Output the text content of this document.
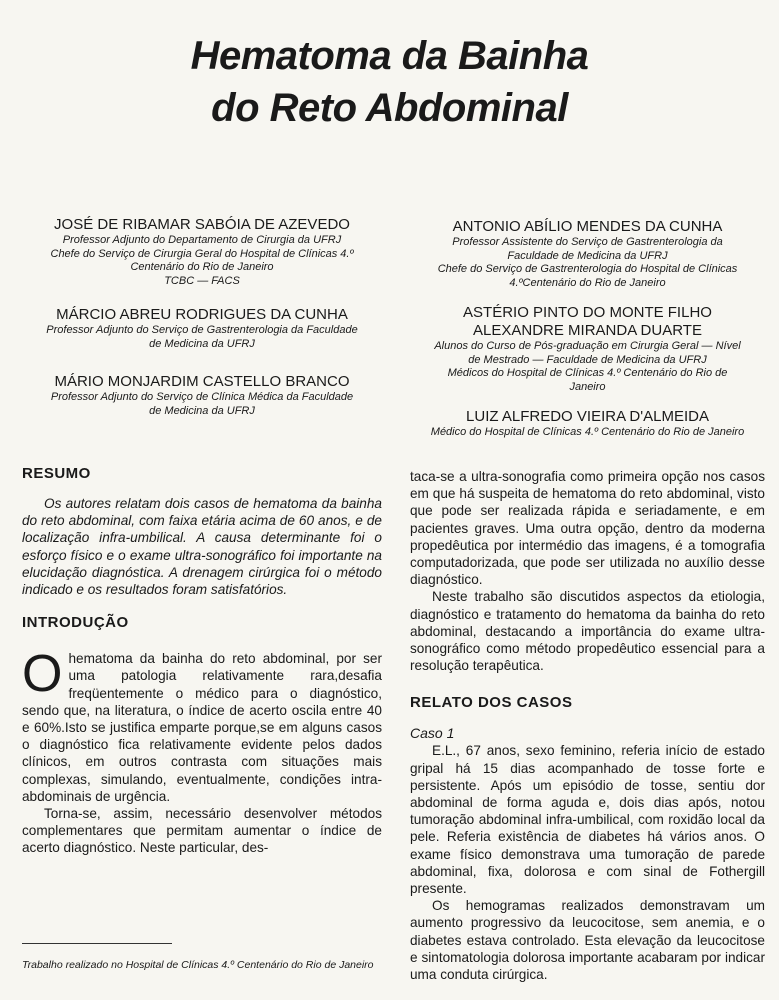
Hematoma da Bainha
do Reto Abdominal

JOSÉ DE RIBAMAR SABÓIA DE AZEVEDO

Professor Adjunto do Departamento de Cirurgia da UFRJ

Chefe do Serviço de Cirurgia Geral do Hospital de Clínicas 4.º

Centenário do Rio de Janeiro

TCBC — FACS

MÁRCIO ABREU RODRIGUES DA CUNHA

Professor Adjunto do Serviço de Gastrenterologia da Faculdade

de Medicina da UFRJ

MÁRIO MONJARDIM CASTELLO BRANCO

Professor Adjunto do Serviço de Clínica Médica da Faculdade

de Medicina da UFRJ

ANTONIO ABÍLIO MENDES DA CUNHA

Professor Assistente do Serviço de Gastrenterologia da

Faculdade de Medicina da UFRJ

Chefe do Serviço de Gastrenterologia do Hospital de Clínicas

4.ºCentenário do Rio de Janeiro

ASTÉRIO PINTO DO MONTE FILHO
ALEXANDRE MIRANDA DUARTE

Alunos do Curso de Pós-graduação em Cirurgia Geral — Nível

de Mestrado — Faculdade de Medicina da UFRJ

Médicos do Hospital de Clínicas 4.º Centenário do Rio de

Janeiro

LUIZ ALFREDO VIEIRA D'ALMEIDA

Médico do Hospital de Clínicas 4.º Centenário do Rio de Janeiro

RESUMO

Os autores relatam dois casos de hematoma da bainha do reto abdominal, com faixa etária acima de 60 anos, e de localização infra-umbilical. A causa determinante foi o esforço físico e o exame ultra-sonográfico foi importante na elucidação diagnóstica. A drenagem cirúrgica foi o método indicado e os resultados foram satisfatórios.

INTRODUÇÃO

Ohematoma da bainha do reto abdominal, por ser uma patologia relativamente rara,desafia freqüentemente o médico para o diagnóstico, sendo que, na literatura, o índice de acerto oscila entre 40 e 60%.Isto se justifica emparte porque,se em alguns casos o diagnóstico fica relativamente evidente pelos dados clínicos, em outros contrasta com situações mais complexas, simulando, eventualmente, condições intra-abdominais de urgência.

Torna-se, assim, necessário desenvolver métodos complementares que permitam aumentar o índice de acerto diagnóstico. Neste particular, des-

taca-se a ultra-sonografia como primeira opção nos casos em que há suspeita de hematoma do reto abdominal, visto que pode ser realizada rápida e seriadamente, e em pacientes graves. Uma outra opção, dentro da moderna propedêutica por intermédio das imagens, é a tomografia computadorizada, que pode ser utilizada no auxílio desse diagnóstico.

Neste trabalho são discutidos aspectos da etiologia, diagnóstico e tratamento do hematoma da bainha do reto abdominal, destacando a importância do exame ultra-sonográfico como método propedêutico essencial para a resolução terapêutica.

RELATO DOS CASOS

Caso 1

E.L., 67 anos, sexo feminino, referia início de estado gripal há 15 dias acompanhado de tosse forte e persistente. Após um episódio de tosse, sentiu dor abdominal de forma aguda e, dois dias após, notou tumoração abdominal infra-umbilical, com roxidão local da pele. Referia existência de diabetes há vários anos. O exame físico demonstrava uma tumoração de parede abdominal, fixa, dolorosa e com sinal de Fothergill presente.

Os hemogramas realizados demonstravam um aumento progressivo da leucocitose, sem anemia, e o diabetes estava controlado. Esta elevação da leucocitose e sintomatologia dolorosa importante acabaram por indicar uma conduta cirúrgica.

Trabalho realizado no Hospital de Clínicas 4.º Centenário do Rio de Janeiro
